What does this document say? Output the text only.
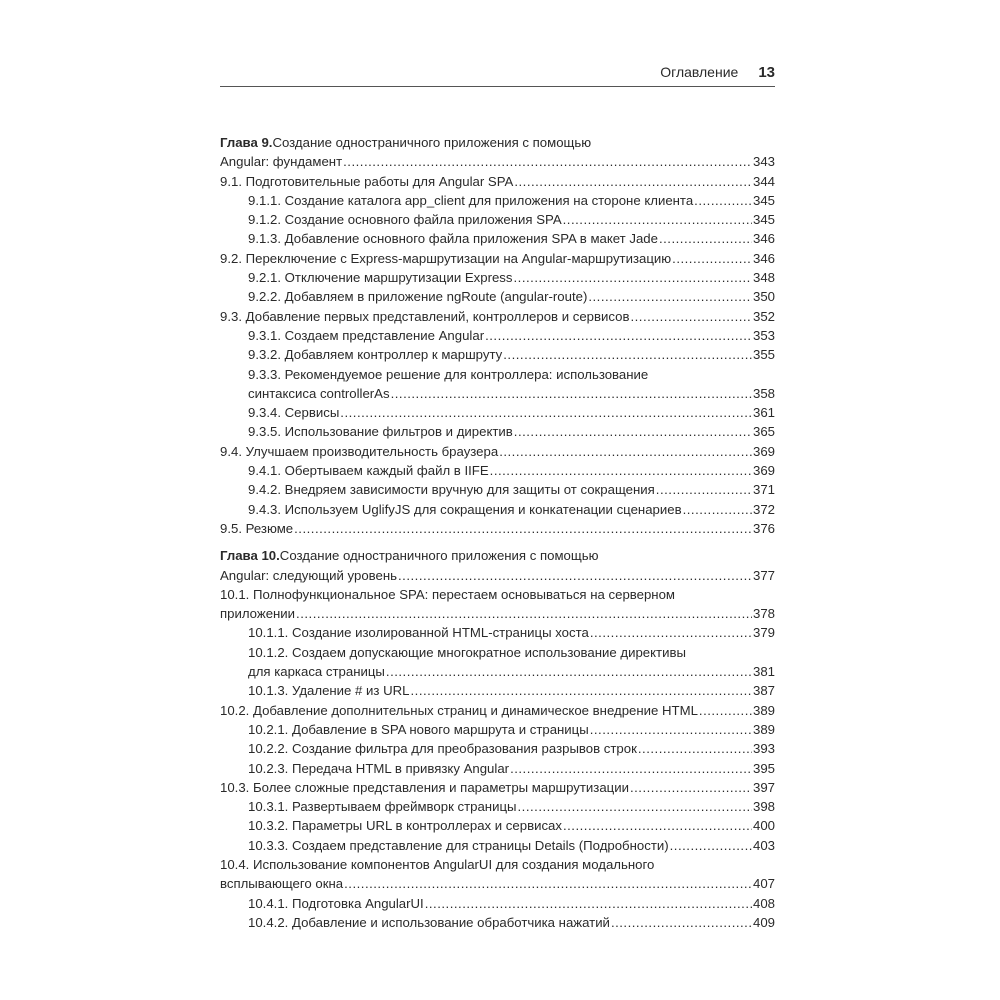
Оглавление 13
Глава 9. Создание одностраничного приложения с помощью
Angular: фундамент .....	343
9.1. Подготовительные работы для Angular SPA .....	344
9.1.1. Создание каталога app_client для приложения на стороне клиента .....	345
9.1.2. Создание основного файла приложения SPA .....	345
9.1.3. Добавление основного файла приложения SPA в макет Jade .....	346
9.2. Переключение с Express-маршрутизации на Angular-маршрутизацию .....	346
9.2.1. Отключение маршрутизации Express .....	348
9.2.2. Добавляем в приложение ngRoute (angular-route) .....	350
9.3. Добавление первых представлений, контроллеров и сервисов .....	352
9.3.1. Создаем представление Angular .....	353
9.3.2. Добавляем контроллер к маршруту .....	355
9.3.3. Рекомендуемое решение для контроллера: использование
синтаксиса controllerAs .....	358
9.3.4. Сервисы .....	361
9.3.5. Использование фильтров и директив .....	365
9.4. Улучшаем производительность браузера .....	369
9.4.1. Обертываем каждый файл в IIFE .....	369
9.4.2. Внедряем зависимости вручную для защиты от сокращения .....	371
9.4.3. Используем UglifyJS для сокращения и конкатенации сценариев .....	372
9.5. Резюме .....	376
Глава 10. Создание одностраничного приложения с помощью
Angular: следующий уровень .....	377
10.1. Полнофункциональное SPA: перестаем основываться на серверном
приложении .....	378
10.1.1. Создание изолированной HTML-страницы хоста .....	379
10.1.2. Создаем допускающие многократное использование директивы
для каркаса страницы .....	381
10.1.3. Удаление # из URL .....	387
10.2. Добавление дополнительных страниц и динамическое внедрение HTML .....	389
10.2.1. Добавление в SPA нового маршрута и страницы .....	389
10.2.2. Создание фильтра для преобразования разрывов строк .....	393
10.2.3. Передача HTML в привязку Angular .....	395
10.3. Более сложные представления и параметры маршрутизации .....	397
10.3.1. Развертываем фреймворк страницы .....	398
10.3.2. Параметры URL в контроллерах и сервисах .....	400
10.3.3. Создаем представление для страницы Details (Подробности) .....	403
10.4. Использование компонентов AngularUI для создания модального
всплывающего окна .....	407
10.4.1. Подготовка AngularUI .....	408
10.4.2. Добавление и использование обработчика нажатий .....	409
